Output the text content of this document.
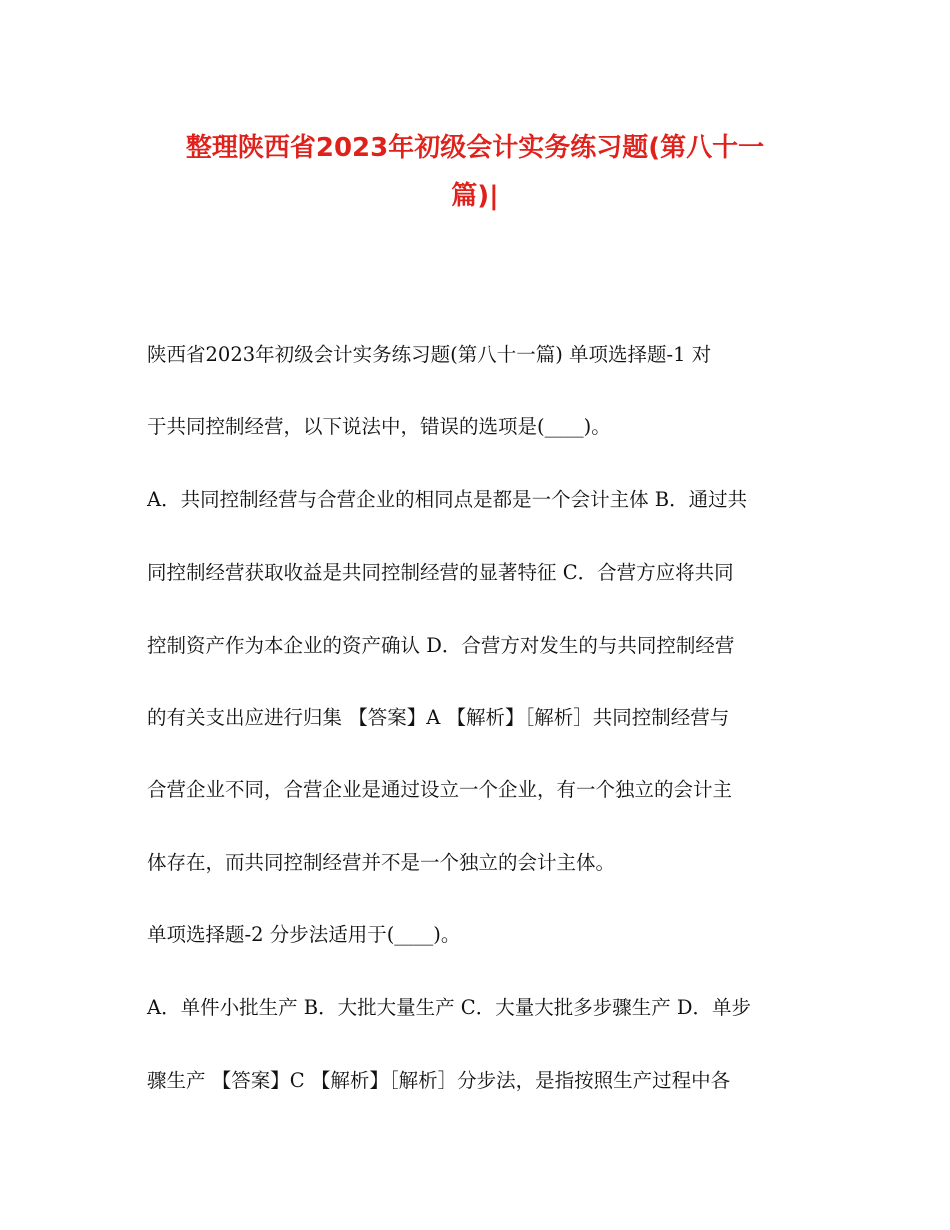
整理陕西省2023年初级会计实务练习题(第八十一
篇)|
陕西省2023年初级会计实务练习题(第八十一篇) 单项选择题-1 对
于共同控制经营，以下说法中，错误的选项是(____)。
A．共同控制经营与合营企业的相同点是都是一个会计主体 B．通过共
同控制经营获取收益是共同控制经营的显著特征 C．合营方应将共同
控制资产作为本企业的资产确认 D．合营方对发生的与共同控制经营
的有关支出应进行归集 【答案】A 【解析】［解析］共同控制经营与
合营企业不同，合营企业是通过设立一个企业，有一个独立的会计主
体存在，而共同控制经营并不是一个独立的会计主体。
单项选择题-2 分步法适用于(____)。
A．单件小批生产 B．大批大量生产 C．大量大批多步骤生产 D．单步
骤生产 【答案】C 【解析】［解析］分步法，是指按照生产过程中各
